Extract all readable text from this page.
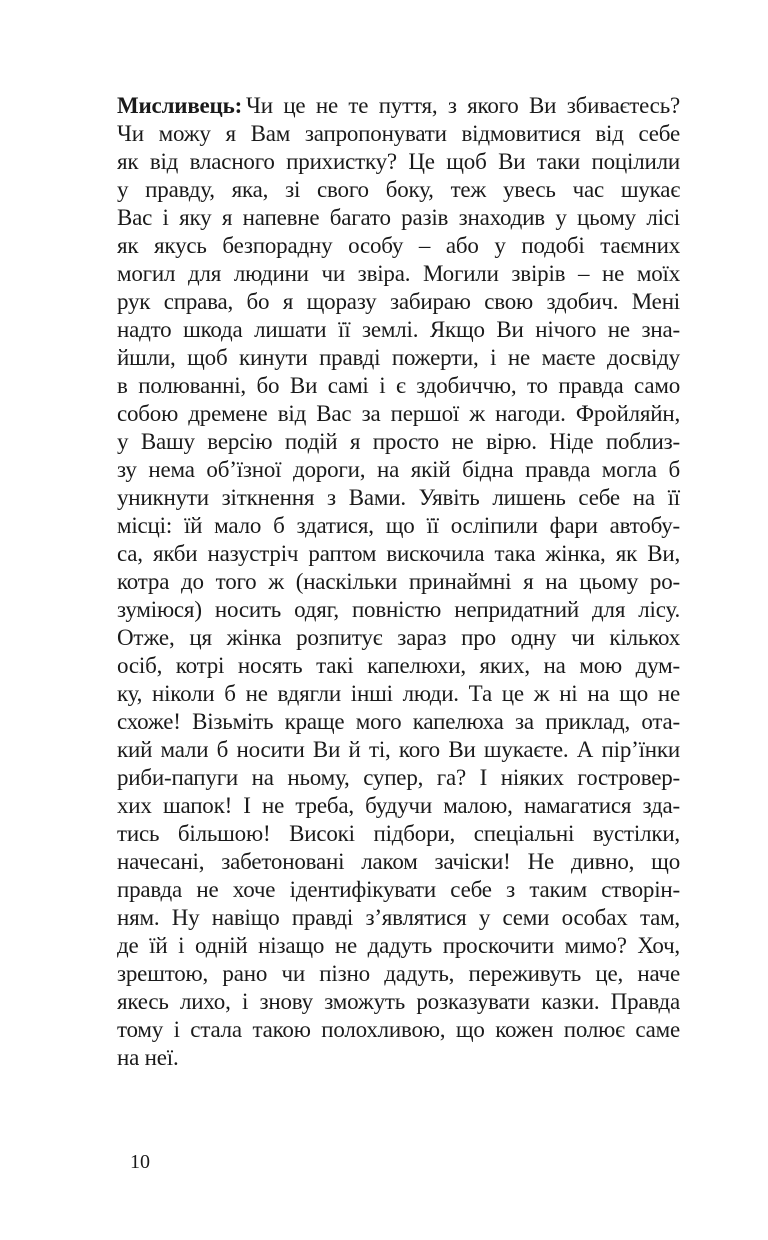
Мисливець: Чи це не те пуття, з якого Ви збиваєтесь?
Чи можу я Вам запропонувати відмовитися від себе
як від власного прихистку? Це щоб Ви таки поцілили
у правду, яка, зі свого боку, теж увесь час шукає
Вас і яку я напевне багато разів знаходив у цьому лісі
як якусь безпорадну особу – або у подобі таємних
могил для людини чи звіра. Могили звірів – не моїх
рук справа, бо я щоразу забираю свою здобич. Мені
надто шкода лишати її землі. Якщо Ви нічого не зна-
йшли, щоб кинути правді пожерти, і не маєте досвіду
в полюванні, бо Ви самі і є здобиччю, то правда само
собою дремене від Вас за першої ж нагоди. Фройляйн,
у Вашу версію подій я просто не вірю. Ніде поблиз-
зу нема об’їзної дороги, на якій бідна правда могла б
уникнути зіткнення з Вами. Уявіть лишень себе на її
місці: їй мало б здатися, що її осліпили фари автобу-
са, якби назустріч раптом вискочила така жінка, як Ви,
котра до того ж (наскільки принаймні я на цьому ро-
зуміюся) носить одяг, повністю непридатний для лісу.
Отже, ця жінка розпитує зараз про одну чи кількох
осіб, котрі носять такі капелюхи, яких, на мою дум-
ку, ніколи б не вдягли інші люди. Та це ж ні на що не
схоже! Візьміть краще мого капелюха за приклад, ота-
кий мали б носити Ви й ті, кого Ви шукаєте. А пір’їнки
риби-папуги на ньому, супер, га? І ніяких гостровер-
хих шапок! І не треба, будучи малою, намагатися зда-
тись більшою! Високі підбори, спеціальні вустілки,
начесані, забетоновані лаком зачіски! Не дивно, що
правда не хоче ідентифікувати себе з таким створін-
ням. Ну навіщо правді з’являтися у семи особах там,
де їй і одній нізащо не дадуть проскочити мимо? Хоч,
зрештою, рано чи пізно дадуть, переживуть це, наче
якесь лихо, і знову зможуть розказувати казки. Правда
тому і стала такою полохливою, що кожен полює саме
на неї.
10
